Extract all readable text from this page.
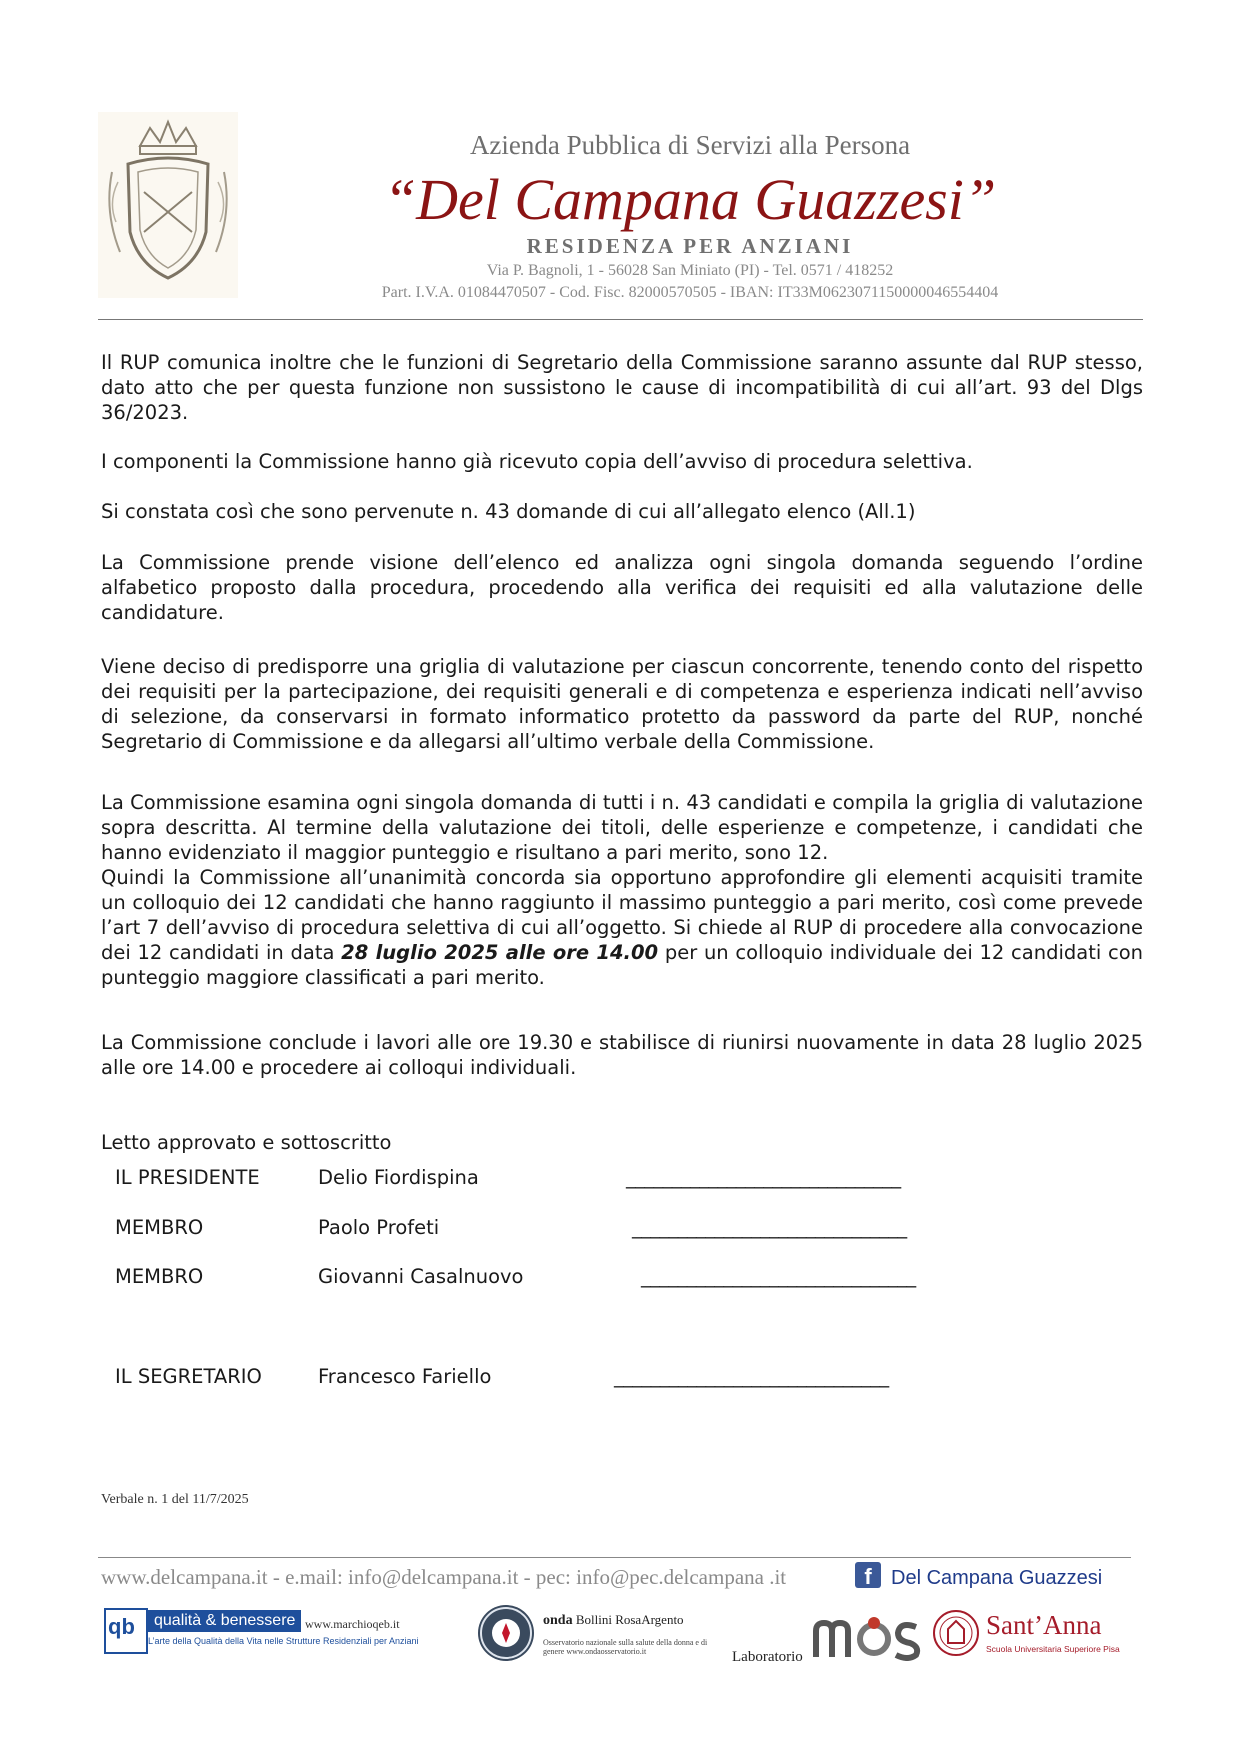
Azienda Pubblica di Servizi alla Persona
“Del Campana Guazzesi”
RESIDENZA PER ANZIANI
Via P. Bagnoli, 1 - 56028 San Miniato (PI) - Tel. 0571 / 418252
Part. I.V.A. 01084470507 - Cod. Fisc. 82000570505 - IBAN: IT33M0623071150000046554404

Il RUP comunica inoltre che le funzioni di Segretario della Commissione saranno assunte dal RUP stesso, dato atto che per questa funzione non sussistono le cause di incompatibilità di cui all’art. 93 del Dlgs 36/2023.

I componenti la Commissione hanno già ricevuto copia dell’avviso di procedura selettiva.

Si constata così che sono pervenute n. 43 domande di cui all’allegato elenco (All.1)

La Commissione prende visione dell’elenco ed analizza ogni singola domanda seguendo l’ordine alfabetico proposto dalla procedura, procedendo alla verifica dei requisiti ed alla valutazione delle candidature.

Viene deciso di predisporre una griglia di valutazione per ciascun concorrente, tenendo conto del rispetto dei requisiti per la partecipazione, dei requisiti generali e di competenza e esperienza indicati nell’avviso di selezione, da conservarsi in formato informatico protetto da password da parte del RUP, nonché Segretario di Commissione e da allegarsi all’ultimo verbale della Commissione.

La Commissione esamina ogni singola domanda di tutti i n. 43 candidati e compila la griglia di valutazione sopra descritta. Al termine della valutazione dei titoli, delle esperienze e competenze, i candidati che hanno evidenziato il maggior punteggio e risultano a pari merito, sono 12.

Quindi la Commissione all’unanimità concorda sia opportuno approfondire gli elementi acquisiti tramite un colloquio dei 12 candidati che hanno raggiunto il massimo punteggio a pari merito, così come prevede l’art 7 dell’avviso di procedura selettiva di cui all’oggetto. Si chiede al RUP di procedere alla convocazione dei 12 candidati in data 28 luglio 2025 alle ore 14.00 per un colloquio individuale dei 12 candidati con punteggio maggiore classificati a pari merito.

La Commissione conclude i lavori alle ore 19.30 e stabilisce di riunirsi nuovamente in data 28 luglio 2025 alle ore 14.00 e procedere ai colloqui individuali.

Letto approvato e sottoscritto
IL PRESIDENTE	Delio Fiordispina	______________________________
MEMBRO	Paolo Profeti	______________________________
MEMBRO	Giovanni Casalnuovo	______________________________
IL SEGRETARIO	Francesco Fariello	______________________________
Verbale n. 1 del 11/7/2025
www.delcampana.it - e.mail: info@delcampana.it - pec: info@pec.delcampana .it	f Del Campana Guazzesi
qb	qualità & benessere
L’arte della Qualità della Vita nelle Strutture Residenziali per Anziani
www.marchioqeb.it	onda Bollini RosaArgento
Osservatorio nazionale sulla salute della donna e di genere www.ondaosservatorio.it	Laboratorio
Sant’Anna
Scuola Universitaria Superiore Pisa
